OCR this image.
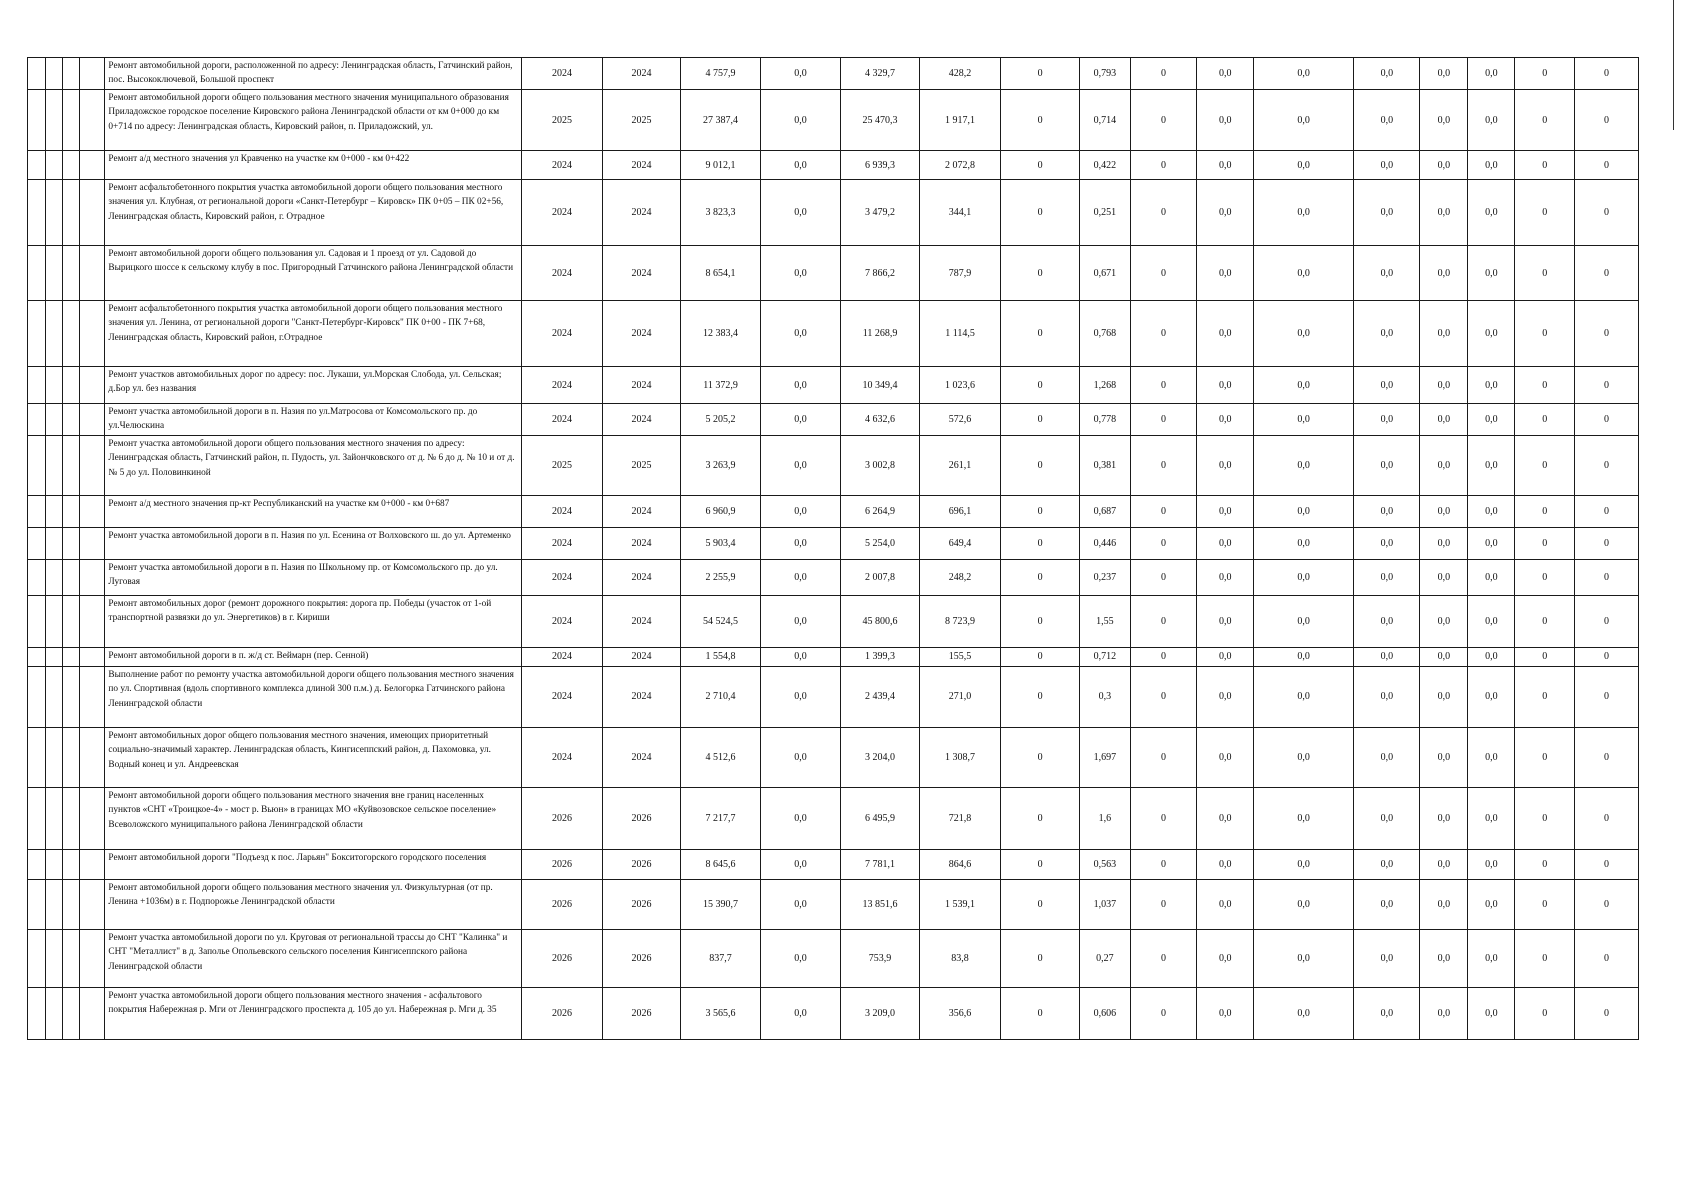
				Ремонт автомобильной дороги, расположенной по адресу: Ленинградская область, Гатчинский район, пос. Высокоключевой, Большой проспект	2024	2024	4 757,9	0,0	4 329,7	428,2	0	0,793	0	0,0	0,0	0,0	0,0	0,0	0	0
				Ремонт автомобильной дороги общего пользования местного значения муниципального образования Приладожское городское поселение Кировского района Ленинградской области от км 0+000 до км 0+714 по адресу: Ленинградская область, Кировский район, п. Приладожский, ул.	2025	2025	27 387,4	0,0	25 470,3	1 917,1	0	0,714	0	0,0	0,0	0,0	0,0	0,0	0	0
				Ремонт а/д местного значения ул Кравченко на участке км 0+000 - км 0+422	2024	2024	9 012,1	0,0	6 939,3	2 072,8	0	0,422	0	0,0	0,0	0,0	0,0	0,0	0	0
				Ремонт асфальтобетонного покрытия участка автомобильной дороги общего пользования местного значения ул. Клубная, от региональной дороги «Санкт-Петербург – Кировск» ПК 0+05 – ПК 02+56, Ленинградская область, Кировский район, г. Отрадное	2024	2024	3 823,3	0,0	3 479,2	344,1	0	0,251	0	0,0	0,0	0,0	0,0	0,0	0	0
				Ремонт автомобильной дороги общего пользования ул. Садовая и 1 проезд от ул. Садовой до Вырицкого шоссе к сельскому клубу в пос. Пригородный Гатчинского района Ленинградской области	2024	2024	8 654,1	0,0	7 866,2	787,9	0	0,671	0	0,0	0,0	0,0	0,0	0,0	0	0
				Ремонт асфальтобетонного покрытия участка автомобильной дороги общего пользования местного значения ул. Ленина, от региональной дороги "Санкт-Петербург-Кировск" ПК 0+00 - ПК 7+68, Ленинградская область, Кировский район, г.Отрадное	2024	2024	12 383,4	0,0	11 268,9	1 114,5	0	0,768	0	0,0	0,0	0,0	0,0	0,0	0	0
				Ремонт участков автомобильных дорог по адресу: пос. Лукаши, ул.Морская Слобода, ул. Сельская; д.Бор ул. без названия	2024	2024	11 372,9	0,0	10 349,4	1 023,6	0	1,268	0	0,0	0,0	0,0	0,0	0,0	0	0
				Ремонт участка автомобильной дороги в п. Назия по ул.Матросова от Комсомольского пр. до ул.Челюскина	2024	2024	5 205,2	0,0	4 632,6	572,6	0	0,778	0	0,0	0,0	0,0	0,0	0,0	0	0
				Ремонт участка автомобильной дороги общего пользования местного значения по адресу: Ленинградская область, Гатчинский район, п. Пудость, ул. Зайончковского от д. № 6 до д. № 10 и от д. № 5 до ул. Половинкиной	2025	2025	3 263,9	0,0	3 002,8	261,1	0	0,381	0	0,0	0,0	0,0	0,0	0,0	0	0
				Ремонт а/д местного значения пр-кт Республиканский на участке км 0+000 - км 0+687	2024	2024	6 960,9	0,0	6 264,9	696,1	0	0,687	0	0,0	0,0	0,0	0,0	0,0	0	0
				Ремонт участка автомобильной дороги в п. Назия по ул. Есенина от Волховского ш. до ул. Артеменко	2024	2024	5 903,4	0,0	5 254,0	649,4	0	0,446	0	0,0	0,0	0,0	0,0	0,0	0	0
				Ремонт участка автомобильной дороги в п. Назия по Школьному пр. от Комсомольского пр. до ул. Луговая	2024	2024	2 255,9	0,0	2 007,8	248,2	0	0,237	0	0,0	0,0	0,0	0,0	0,0	0	0
				Ремонт автомобильных дорог (ремонт дорожного покрытия: дорога пр. Победы (участок от 1-ой транспортной развязки до ул. Энергетиков) в г. Кириши	2024	2024	54 524,5	0,0	45 800,6	8 723,9	0	1,55	0	0,0	0,0	0,0	0,0	0,0	0	0
				Ремонт автомобильной дороги в п. ж/д ст. Веймарн (пер. Сенной)	2024	2024	1 554,8	0,0	1 399,3	155,5	0	0,712	0	0,0	0,0	0,0	0,0	0,0	0	0
				Выполнение работ по ремонту участка автомобильной дороги общего пользования местного значения по ул. Спортивная (вдоль спортивного комплекса длиной 300 п.м.) д. Белогорка Гатчинского района Ленинградской области	2024	2024	2 710,4	0,0	2 439,4	271,0	0	0,3	0	0,0	0,0	0,0	0,0	0,0	0	0
				Ремонт автомобильных дорог общего пользования местного значения, имеющих приоритетный социально-значимый характер. Ленинградская область, Кингисеппский район, д. Пахомовка, ул. Водный конец и ул. Андреевская	2024	2024	4 512,6	0,0	3 204,0	1 308,7	0	1,697	0	0,0	0,0	0,0	0,0	0,0	0	0
				Ремонт автомобильной дороги общего пользования местного значения вне границ населенных пунктов «СНТ «Троицкое-4» - мост р. Вьюн» в границах МО «Куйвозовское сельское поселение» Всеволожского муниципального района Ленинградской области	2026	2026	7 217,7	0,0	6 495,9	721,8	0	1,6	0	0,0	0,0	0,0	0,0	0,0	0	0
				Ремонт автомобильной дороги "Подъезд к пос. Ларьян" Бокситогорского городского поселения	2026	2026	8 645,6	0,0	7 781,1	864,6	0	0,563	0	0,0	0,0	0,0	0,0	0,0	0	0
				Ремонт автомобильной дороги общего пользования местного значения ул. Физкультурная (от пр. Ленина +1036м) в г. Подпорожье Ленинградской области	2026	2026	15 390,7	0,0	13 851,6	1 539,1	0	1,037	0	0,0	0,0	0,0	0,0	0,0	0	0
				Ремонт участка автомобильной дороги по ул. Круговая от региональной трассы до СНТ "Калинка" и СНТ "Металлист" в д. Заполье Опольевского сельского поселения Кингисеппского района Ленинградской области	2026	2026	837,7	0,0	753,9	83,8	0	0,27	0	0,0	0,0	0,0	0,0	0,0	0	0
				Ремонт участка автомобильной дороги общего пользования местного значения - асфальтового покрытия Набережная р. Мги от Ленинградского проспекта д. 105 до ул. Набережная р. Мги д. 35	2026	2026	3 565,6	0,0	3 209,0	356,6	0	0,606	0	0,0	0,0	0,0	0,0	0,0	0	0
